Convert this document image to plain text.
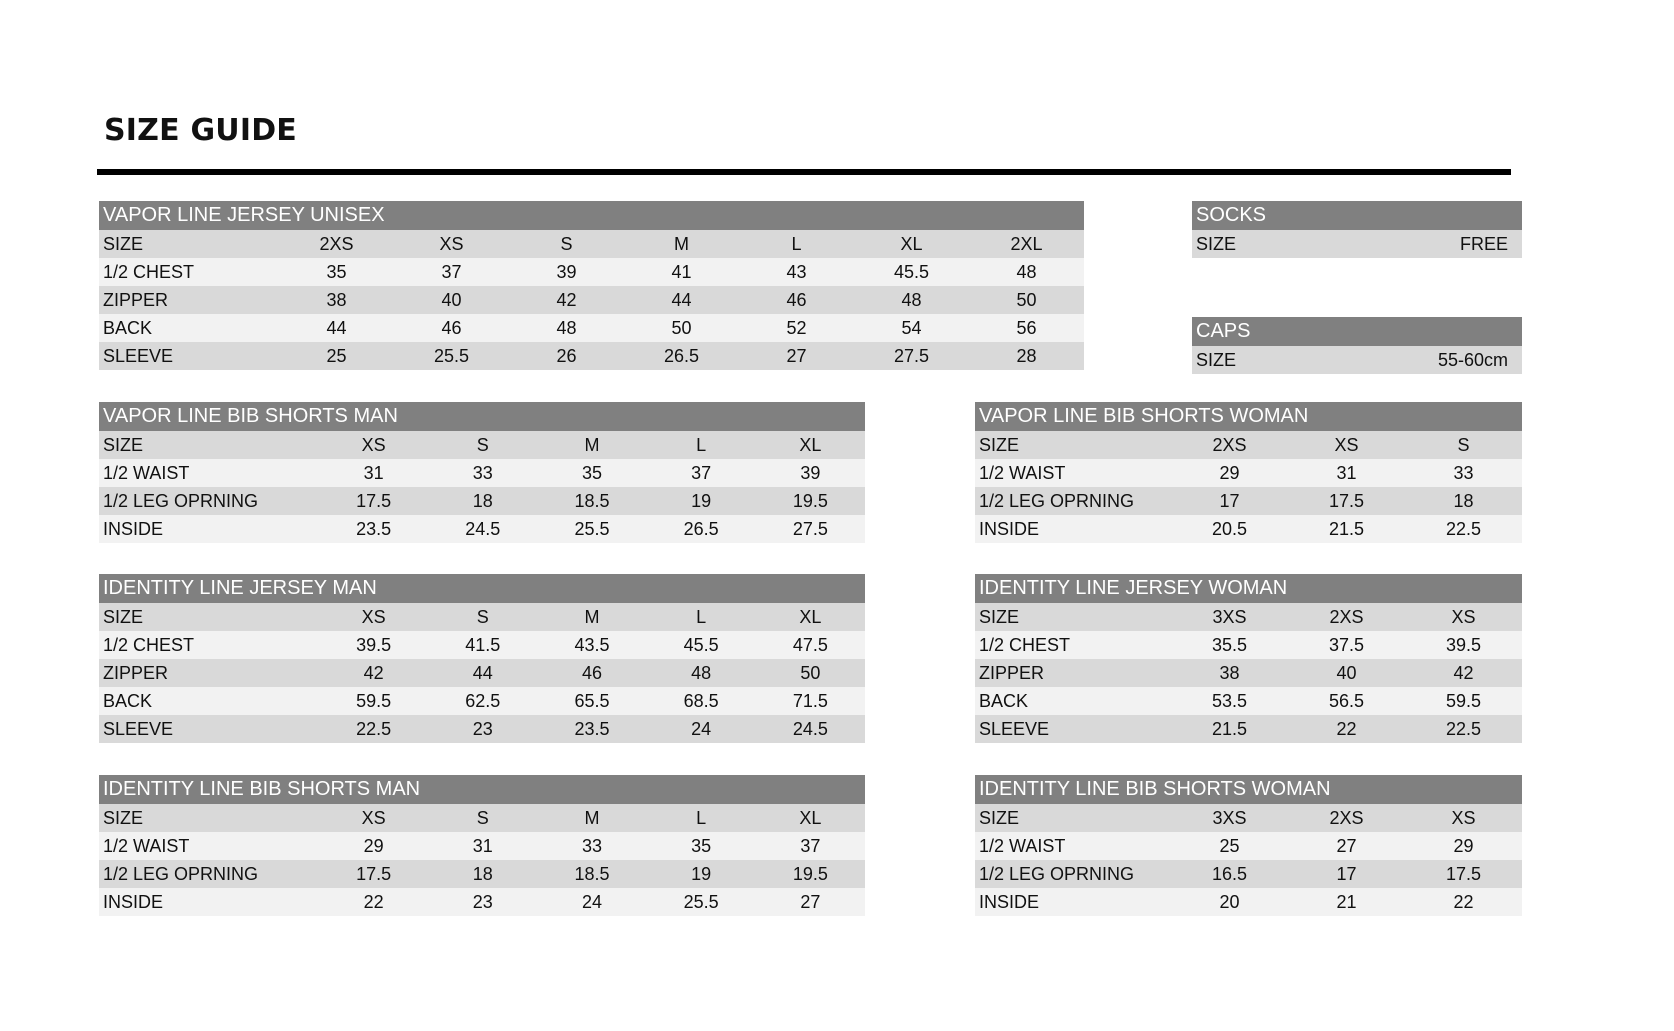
SIZE GUIDE
VAPOR LINE JERSEY UNISEX							
SIZE	2XS	XS	S	M	L	XL	2XL
1/2 CHEST	35	37	39	41	43	45.5	48
ZIPPER	38	40	42	44	46	48	50
BACK	44	46	48	50	52	54	56
SLEEVE	25	25.5	26	26.5	27	27.5	28
SOCKS
SIZE	FREE
CAPS
SIZE	55-60cm
VAPOR LINE BIB SHORTS MAN					
SIZE	XS	S	M	L	XL
1/2 WAIST	31	33	35	37	39
1/2 LEG OPRNING	17.5	18	18.5	19	19.5
INSIDE	23.5	24.5	25.5	26.5	27.5
VAPOR LINE BIB SHORTS WOMAN			
SIZE	2XS	XS	S
1/2 WAIST	29	31	33
1/2 LEG OPRNING	17	17.5	18
INSIDE	20.5	21.5	22.5
IDENTITY LINE JERSEY MAN					
SIZE	XS	S	M	L	XL
1/2 CHEST	39.5	41.5	43.5	45.5	47.5
ZIPPER	42	44	46	48	50
BACK	59.5	62.5	65.5	68.5	71.5
SLEEVE	22.5	23	23.5	24	24.5
IDENTITY LINE JERSEY WOMAN			
SIZE	3XS	2XS	XS
1/2 CHEST	35.5	37.5	39.5
ZIPPER	38	40	42
BACK	53.5	56.5	59.5
SLEEVE	21.5	22	22.5
IDENTITY LINE BIB SHORTS MAN					
SIZE	XS	S	M	L	XL
1/2 WAIST	29	31	33	35	37
1/2 LEG OPRNING	17.5	18	18.5	19	19.5
INSIDE	22	23	24	25.5	27
IDENTITY LINE BIB SHORTS WOMAN			
SIZE	3XS	2XS	XS
1/2 WAIST	25	27	29
1/2 LEG OPRNING	16.5	17	17.5
INSIDE	20	21	22
